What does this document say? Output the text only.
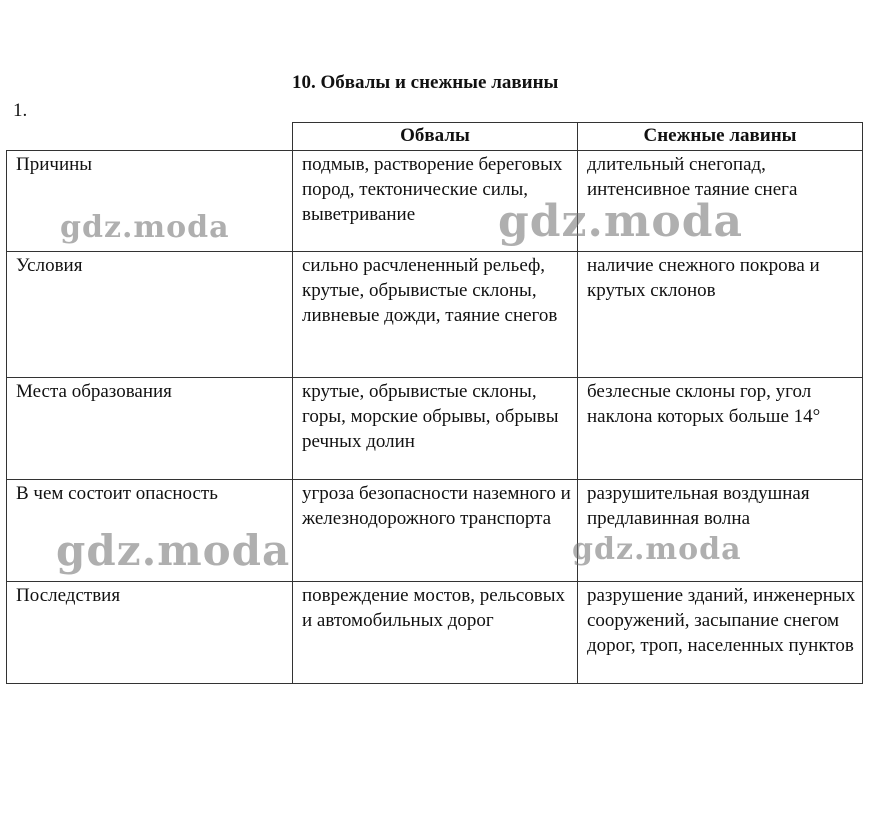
10. Обвалы и снежные лавины
1.
	Обвалы	Снежные лавины
Причины	подмыв, растворение береговых пород, тектонические силы, выветривание	длительный снегопад, интенсивное таяние снега
Условия	сильно расчлененный рельеф, крутые, обрывистые склоны, ливневые дожди, таяние снегов	наличие снежного покрова и крутых склонов
Места образования	крутые, обрывистые склоны, горы, морские обрывы, обрывы речных долин	безлесные склоны гор, угол наклона которых больше 14°
В чем состоит опасность	угроза безопасности наземного и железнодорожного транспорта	разрушительная воздушная предлавинная волна
Последствия	повреждение мостов, рельсовых и автомобильных дорог	разрушение зданий, инженерных сооружений, засыпание снегом дорог, троп, населенных пунктов
gdz.moda	gdz.moda
gdz.moda	gdz.moda
